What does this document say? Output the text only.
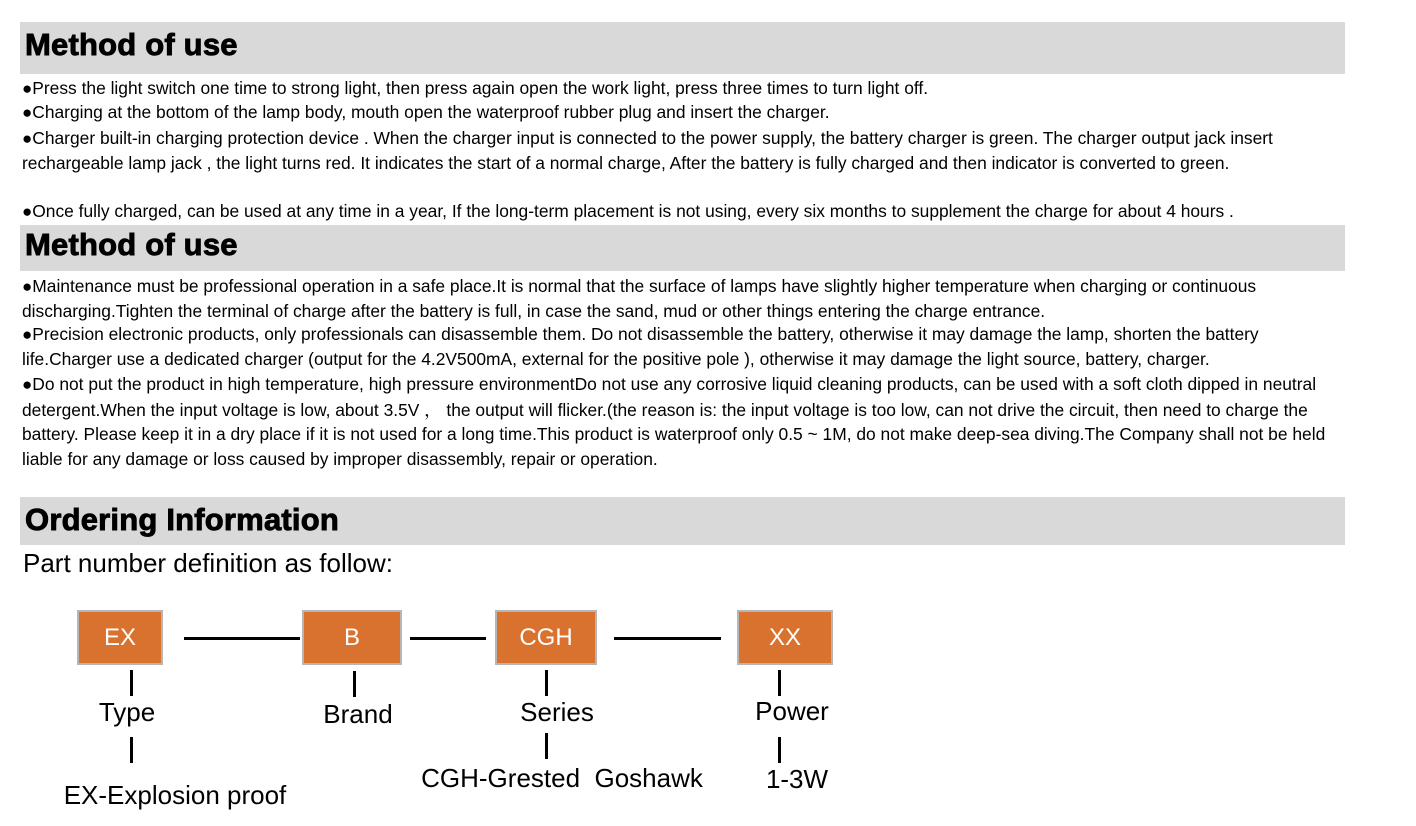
Method of use

●Press the light switch one time to strong light, then press again open the work light, press three times to turn light off.

●Charging at the bottom of the lamp body, mouth open the waterproof rubber plug and insert the charger.

●Charger built-in charging protection device . When the charger input is connected to the power supply, the battery charger is green. The charger output jack insert rechargeable lamp jack , the light turns red. It indicates the start of a normal charge, After the battery is fully charged and then indicator is converted to green.

●Once fully charged, can be used at any time in a year, If the long-term placement is not using, every six months to supplement the charge for about 4 hours .

Method of use

●Maintenance must be professional operation in a safe place.It is normal that the surface of lamps have slightly higher temperature when charging or continuous discharging.Tighten the terminal of charge after the battery is full, in case the sand, mud or other things entering the charge entrance.

●Precision electronic products, only professionals can disassemble them. Do not disassemble the battery, otherwise it may damage the lamp, shorten the battery life.Charger use a dedicated charger (output for the 4.2V500mA, external for the positive pole ), otherwise it may damage the light source, battery, charger.

●Do not put the product in high temperature, high pressure environmentDo not use any corrosive liquid cleaning products, can be used with a soft cloth dipped in neutral detergent.When the input voltage is low, about 3.5V ， the output will flicker.(the reason is: the input voltage is too low, can not drive the circuit, then need to charge the battery. Please keep it in a dry place if it is not used for a long time.This product is waterproof only 0.5 ~ 1M, do not make deep-sea diving.The Company shall not be held liable for any damage or loss caused by improper disassembly, repair or operation.

Ordering Information

Part number definition as follow:

EX	B	CGH	XX

Type	Brand	Series	Power

EX-Explosion proof

CGH-Grested  Goshawk 1-3W
